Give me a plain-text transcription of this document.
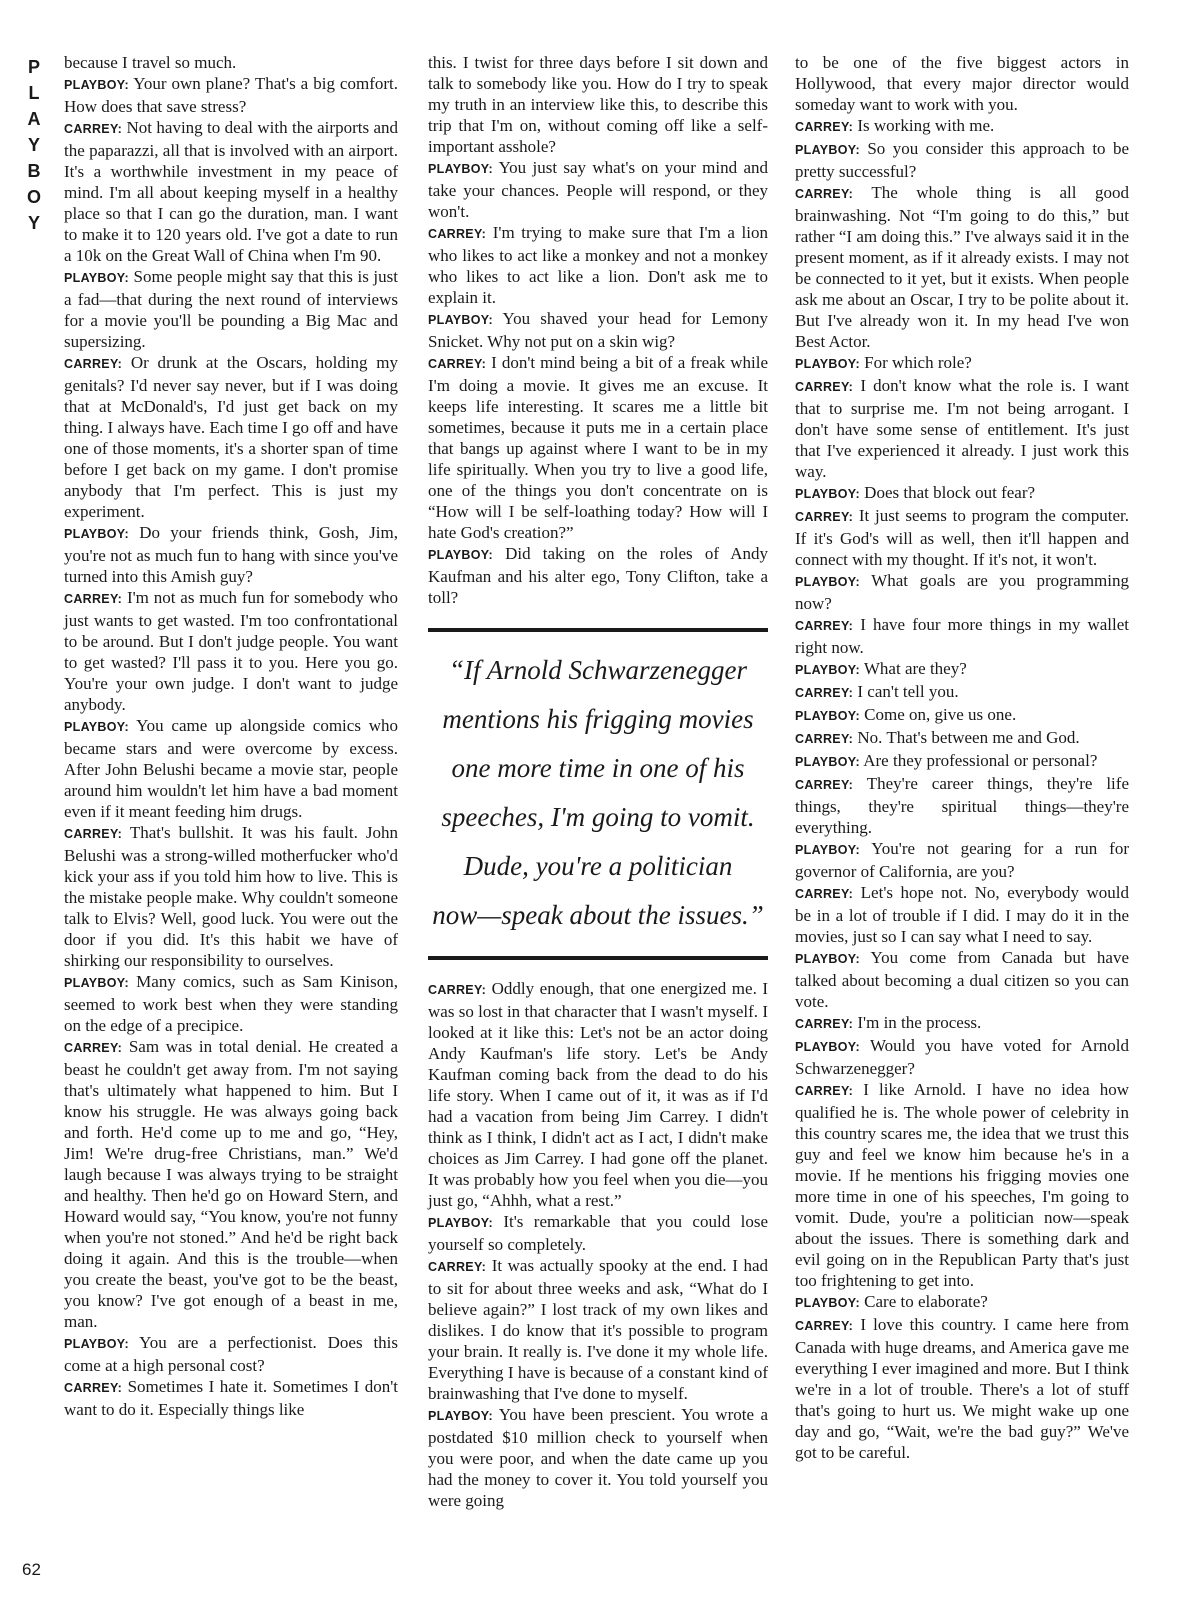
P
L
A
Y
B
O
Y
62

because I travel so much.

PLAYBOY: Your own plane? That's a big comfort. How does that save stress?

CARREY: Not having to deal with the airports and the paparazzi, all that is involved with an airport. It's a worthwhile investment in my peace of mind. I'm all about keeping myself in a healthy place so that I can go the duration, man. I want to make it to 120 years old. I've got a date to run a 10k on the Great Wall of China when I'm 90.

PLAYBOY: Some people might say that this is just a fad—that during the next round of interviews for a movie you'll be pounding a Big Mac and supersizing.

CARREY: Or drunk at the Oscars, holding my genitals? I'd never say never, but if I was doing that at McDonald's, I'd just get back on my thing. I always have. Each time I go off and have one of those moments, it's a shorter span of time before I get back on my game. I don't promise anybody that I'm perfect. This is just my experiment.

PLAYBOY: Do your friends think, Gosh, Jim, you're not as much fun to hang with since you've turned into this Amish guy?

CARREY: I'm not as much fun for somebody who just wants to get wasted. I'm too confrontational to be around. But I don't judge people. You want to get wasted? I'll pass it to you. Here you go. You're your own judge. I don't want to judge anybody.

PLAYBOY: You came up alongside comics who became stars and were overcome by excess. After John Belushi became a movie star, people around him wouldn't let him have a bad moment even if it meant feeding him drugs.

CARREY: That's bullshit. It was his fault. John Belushi was a strong-willed motherfucker who'd kick your ass if you told him how to live. This is the mistake people make. Why couldn't someone talk to Elvis? Well, good luck. You were out the door if you did. It's this habit we have of shirking our responsibility to ourselves.

PLAYBOY: Many comics, such as Sam Kinison, seemed to work best when they were standing on the edge of a precipice.

CARREY: Sam was in total denial. He created a beast he couldn't get away from. I'm not saying that's ultimately what happened to him. But I know his struggle. He was always going back and forth. He'd come up to me and go, “Hey, Jim! We're drug-free Christians, man.” We'd laugh because I was always trying to be straight and healthy. Then he'd go on Howard Stern, and Howard would say, “You know, you're not funny when you're not stoned.” And he'd be right back doing it again. And this is the trouble—when you create the beast, you've got to be the beast, you know? I've got enough of a beast in me, man.

PLAYBOY: You are a perfectionist. Does this come at a high personal cost?

CARREY: Sometimes I hate it. Sometimes I don't want to do it. Especially things like

this. I twist for three days before I sit down and talk to somebody like you. How do I try to speak my truth in an interview like this, to describe this trip that I'm on, without coming off like a self-important asshole?

PLAYBOY: You just say what's on your mind and take your chances. People will respond, or they won't.

CARREY: I'm trying to make sure that I'm a lion who likes to act like a monkey and not a monkey who likes to act like a lion. Don't ask me to explain it.

PLAYBOY: You shaved your head for Lemony Snicket. Why not put on a skin wig?

CARREY: I don't mind being a bit of a freak while I'm doing a movie. It gives me an excuse. It keeps life interesting. It scares me a little bit sometimes, because it puts me in a certain place that bangs up against where I want to be in my life spiritually. When you try to live a good life, one of the things you don't concentrate on is “How will I be self-loathing today? How will I hate God's creation?”

PLAYBOY: Did taking on the roles of Andy Kaufman and his alter ego, Tony Clifton, take a toll?

“If Arnold Schwarzenegger
mentions his frigging movies
one more time in one of his
speeches, I'm going to vomit.
Dude, you're a politician
now—speak about the issues.”

CARREY: Oddly enough, that one energized me. I was so lost in that character that I wasn't myself. I looked at it like this: Let's not be an actor doing Andy Kaufman's life story. Let's be Andy Kaufman coming back from the dead to do his life story. When I came out of it, it was as if I'd had a vacation from being Jim Carrey. I didn't think as I think, I didn't act as I act, I didn't make choices as Jim Carrey. I had gone off the planet. It was probably how you feel when you die—you just go, “Ahhh, what a rest.”

PLAYBOY: It's remarkable that you could lose yourself so completely.

CARREY: It was actually spooky at the end. I had to sit for about three weeks and ask, “What do I believe again?” I lost track of my own likes and dislikes. I do know that it's possible to program your brain. It really is. I've done it my whole life. Everything I have is because of a constant kind of brainwashing that I've done to myself.

PLAYBOY: You have been prescient. You wrote a postdated $10 million check to yourself when you were poor, and when the date came up you had the money to cover it. You told yourself you were going

to be one of the five biggest actors in Hollywood, that every major director would someday want to work with you.

CARREY: Is working with me.

PLAYBOY: So you consider this approach to be pretty successful?

CARREY: The whole thing is all good brainwashing. Not “I'm going to do this,” but rather “I am doing this.” I've always said it in the present moment, as if it already exists. I may not be connected to it yet, but it exists. When people ask me about an Oscar, I try to be polite about it. But I've already won it. In my head I've won Best Actor.

PLAYBOY: For which role?

CARREY: I don't know what the role is. I want that to surprise me. I'm not being arrogant. I don't have some sense of entitlement. It's just that I've experienced it already. I just work this way.

PLAYBOY: Does that block out fear?

CARREY: It just seems to program the computer. If it's God's will as well, then it'll happen and connect with my thought. If it's not, it won't.

PLAYBOY: What goals are you programming now?

CARREY: I have four more things in my wallet right now.

PLAYBOY: What are they?

CARREY: I can't tell you.

PLAYBOY: Come on, give us one.

CARREY: No. That's between me and God.

PLAYBOY: Are they professional or personal?

CARREY: They're career things, they're life things, they're spiritual things—they're everything.

PLAYBOY: You're not gearing for a run for governor of California, are you?

CARREY: Let's hope not. No, everybody would be in a lot of trouble if I did. I may do it in the movies, just so I can say what I need to say.

PLAYBOY: You come from Canada but have talked about becoming a dual citizen so you can vote.

CARREY: I'm in the process.

PLAYBOY: Would you have voted for Arnold Schwarzenegger?

CARREY: I like Arnold. I have no idea how qualified he is. The whole power of celebrity in this country scares me, the idea that we trust this guy and feel we know him because he's in a movie. If he mentions his frigging movies one more time in one of his speeches, I'm going to vomit. Dude, you're a politician now—speak about the issues. There is something dark and evil going on in the Republican Party that's just too frightening to get into.

PLAYBOY: Care to elaborate?

CARREY: I love this country. I came here from Canada with huge dreams, and America gave me everything I ever imagined and more. But I think we're in a lot of trouble. There's a lot of stuff that's going to hurt us. We might wake up one day and go, “Wait, we're the bad guy?” We've got to be careful.
